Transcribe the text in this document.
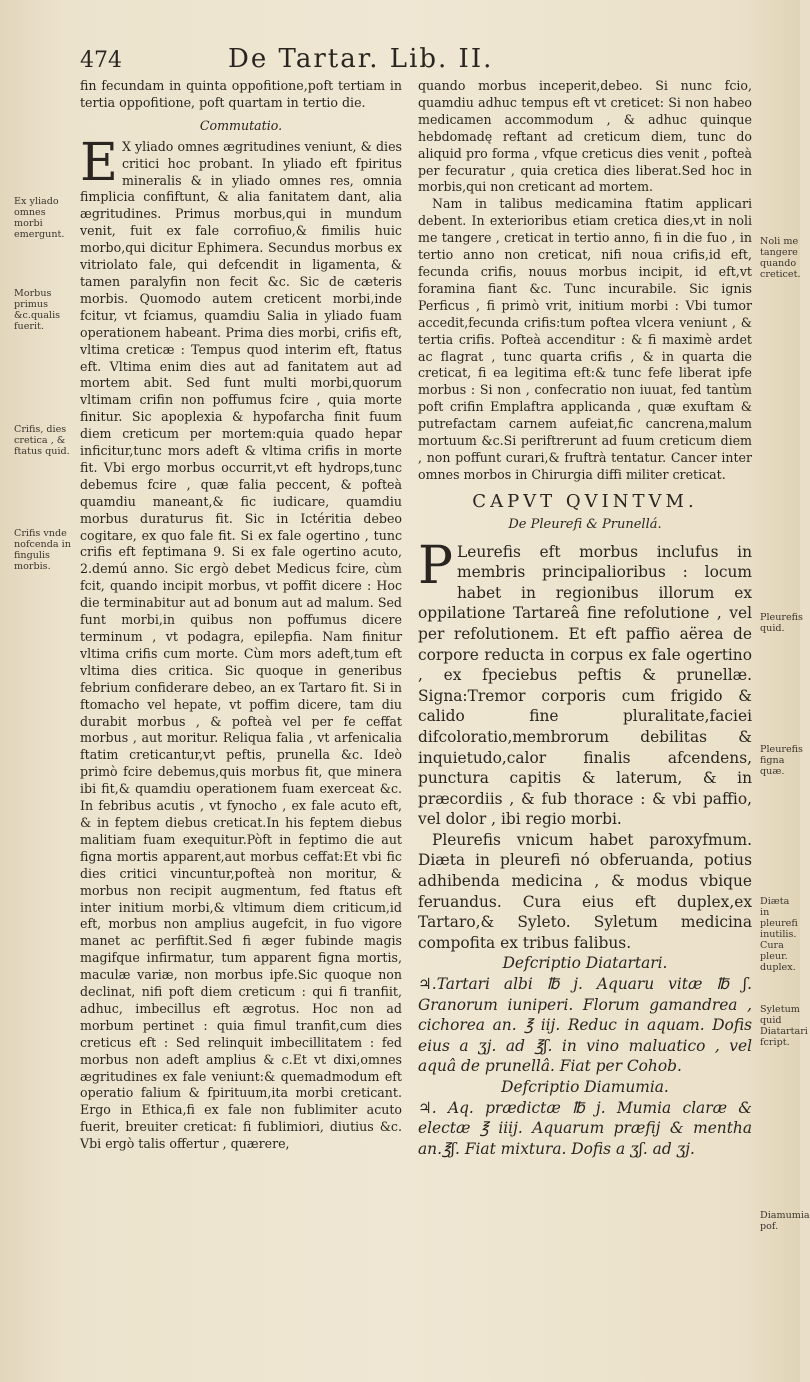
474	De Tartar. Lib. II.
Ex yliado omnes morbi emergunt.
Morbus primus &c.qualis fuerit.
Crifis, dies cretica , & ftatus quid.
Crifis vnde nofcenda in fingulis morbis.

fin fecundam in quinta oppofitione,poft tertiam in tertia oppofitione, poft quartam in tertio die.

Commutatio.

E X yliado omnes ægritudines veniunt, & dies critici hoc probant. In yliado eft fpiritus mineralis & in yliado omnes res, omnia fimplicia confiftunt, & alia fanitatem dant, alia ægritudines. Primus morbus,qui in mundum venit, fuit ex fale corrofiuo,& fimilis huic morbo,qui dicitur Ephimera. Secundus morbus ex vitriolato fale, qui defcendit in ligamenta, & tamen paralyfin non fecit &c. Sic de cæteris morbis. Quomodo autem creticent morbi,inde fcitur, vt fciamus, quamdiu Salia in yliado fuam operationem habeant. Prima dies morbi, crifis eft, vltima creticæ : Tempus quod interim eft, ftatus eft. Vltima enim dies aut ad fanitatem aut ad mortem abit. Sed funt multi morbi,quorum vltimam crifin non poffumus fcire , quia morte finitur. Sic apoplexia & hypofarcha finit fuum diem creticum per mortem:quia quado hepar inficitur,tunc mors adeft & vltima crifis in morte fit. Vbi ergo morbus occurrit,vt eft hydrops,tunc debemus fcire , quæ falia peccent, & pofteà quamdiu maneant,& fic iudicare, quamdiu morbus duraturus fit. Sic in Ictéritia debeo cogitare, ex quo fale fit. Si ex fale ogertino , tunc crifis eft feptimana 9. Si ex fale ogertino acuto, 2.demú anno. Sic ergò debet Medicus fcire, cùm fcit, quando incipit morbus, vt poffit dicere : Hoc die terminabitur aut ad bonum aut ad malum. Sed funt morbi,in quibus non poffumus dicere terminum , vt podagra, epilepfia. Nam finitur vltima crifis cum morte. Cùm mors adeft,tum eft vltima dies critica. Sic quoque in generibus febrium confiderare debeo, an ex Tartaro fit. Si in ftomacho vel hepate, vt poffim dicere, tam diu durabit morbus , & pofteà vel per fe ceffat morbus , aut moritur. Reliqua falia , vt arfenicalia ftatim creticantur,vt peftis, prunella &c. Ideò primò fcire debemus,quis morbus fit, que minera ibi fit,& quamdiu operationem fuam exerceat &c. In febribus acutis , vt fynocho , ex fale acuto eft, & in feptem diebus creticat.In his feptem diebus malitiam fuam exequitur.Pòft in feptimo die aut figna mortis apparent,aut morbus ceffat:Et vbi fic dies critici vincuntur,pofteà non moritur, & morbus non recipit augmentum, fed ftatus eft inter initium morbi,& vltimum diem criticum,id eft, morbus non amplius augefcit, in fuo vigore manet ac perfiftit.Sed fi æger fubinde magis magifque infirmatur, tum apparent figna mortis, maculæ variæ, non morbus ipfe.Sic quoque non declinat, nifi poft diem creticum : qui fi tranfiit, adhuc, imbecillus eft ægrotus. Hoc non ad morbum pertinet : quia fimul tranfit,cum dies creticus eft : Sed relinquit imbecillitatem : fed morbus non adeft amplius & c.Et vt dixi,omnes ægritudines ex fale veniunt:& quemadmodum eft operatio falium & fpirituum,ita morbi creticant. Ergo in Ethica,fi ex fale non fublimiter acuto fuerit, breuiter creticat: fi fublimiori, diutius &c. Vbi ergò talis offertur , quærere,

quando morbus inceperit,debeo. Si nunc fcio, quamdiu adhuc tempus eft vt creticet: Si non habeo medicamen accommodum , & adhuc quinque hebdomadę reftant ad creticum diem, tunc do aliquid pro forma , vfque creticus dies venit , pofteà per fecuratur , quia cretica dies liberat.Sed hoc in morbis,qui non creticant ad mortem.

Nam in talibus medicamina ftatim applicari debent. In exterioribus etiam cretica dies,vt in noli me tangere , creticat in tertio anno, fi in die fuo , in tertio anno non creticat, nifi noua crifis,id eft, fecunda crifis, nouus morbus incipit, id eft,vt foramina fiant &c. Tunc incurabile. Sic ignis Perficus , fi primò vrit, initium morbi : Vbi tumor accedit,fecunda crifis:tum poftea vlcera veniunt , & tertia crifis. Pofteà accenditur : & fi maximè ardet ac flagrat , tunc quarta crifis , & in quarta die creticat, fi ea legitima eft:& tunc fefe liberat ipfe morbus : Si non , confecratio non iuuat, fed tantùm poft crifin Emplaftra applicanda , quæ exuftam & putrefactam carnem aufeiat,fic cancrena,malum mortuum &c.Si periftrerunt ad fuum creticum diem , non poffunt curari,& fruftrà tentatur. Cancer inter omnes morbos in Chirurgia diffi militer creticat.

CAPVT QVINTVM.
De Pleurefi & Prunellá.

P Leurefis eft morbus inclufus in membris principalioribus : locum habet in regionibus illorum ex oppilatione Tartareâ fine refolutione , vel per refolutionem. Et eft paffio aërea de corpore reducta in corpus ex fale ogertino , ex fpeciebus peftis & prunellæ. Signa:Tremor corporis cum frigido & calido fine pluralitate,faciei difcoloratio,membrorum debilitas & inquietudo,calor finalis afcendens, punctura capitis & laterum, & in præcordiis , & fub thorace : & vbi paffio, vel dolor , ibi regio morbi.

Pleurefis vnicum habet paroxyfmum. Diæta in pleurefi nó obferuanda, potius adhibenda medicina , & modus vbique feruandus. Cura eius eft duplex,ex Tartaro,& Syleto. Syletum medicina compofita ex tribus falibus.

Defcriptio Diatartari.

♃.Tartari albi ℔ j. Aquaru vitæ ℔ ʃ. Granorum iuniperi. Florum gamandrea , cichorea an. ℥ iij. Reduc in aquam. Dofis eius a ʒj. ad ℥ʃ. in vino maluatico , vel aquâ de prunellâ. Fiat per Cohob.

Defcriptio Diamumia.

♃. Aq. prædictæ ℔ j. Mumia claræ & electæ ℥ iiij. Aquarum præfij & mentha an.℥ʃ. Fiat mixtura. Dofis a ʒʃ. ad ʒj.

Noli me tangere quando creticet.
Pleurefis quid.
Pleurefis figna quæ.
Diæta in pleurefi inutilis. Cura pleur. duplex.
Syletum quid Diatartari fcript.
Diamumia pof.
